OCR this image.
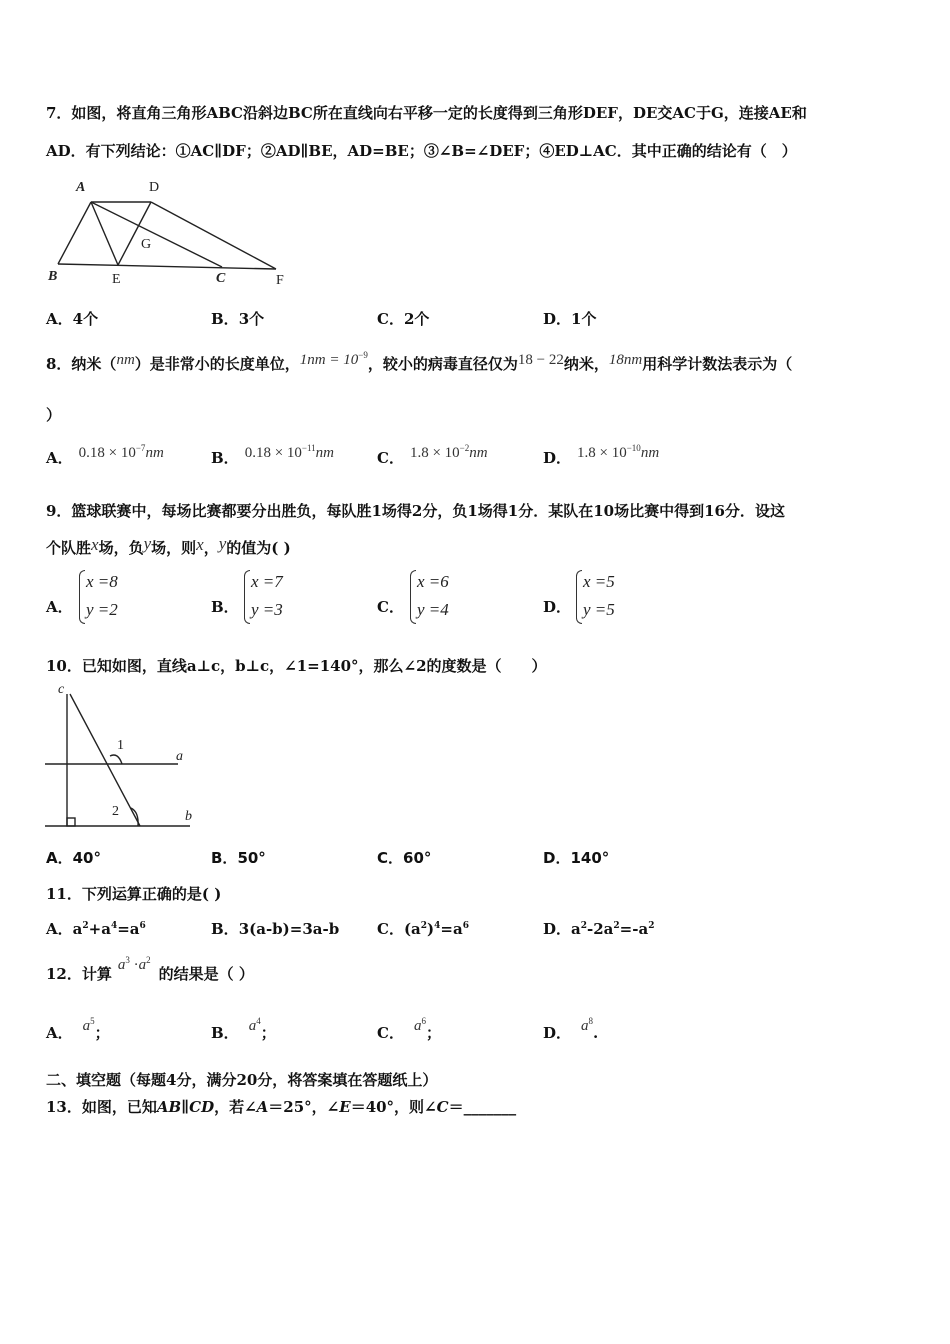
7．如图，将直角三角形ABC沿斜边BC所在直线向右平移一定的长度得到三角形DEF，DE交AC于G，连接AE和
AD．有下列结论：①AC∥DF；②AD∥BE，AD=BE；③∠B=∠DEF；④ED⊥AC．其中正确的结论有（　）
A	D
G
B	E	C	F
A．4个	B．3个	C．2个	D．1个
8．纳米（nm）是非常小的长度单位，$1nm = 10^{-9}$，较小的病毒直径仅为18 − 22纳米，18nm用科学计数法表示为（
）
A． $0.18 \times 10^{-7}nm$	B． $0.18 \times 10^{-11}nm$	C． $1.8 \times 10^{-2}nm$	D． $1.8 \times 10^{-10}nm$
9．篮球联赛中，每场比赛都要分出胜负，每队胜1场得2分，负1场得1分．某队在10场比赛中得到16分．设这
个队胜x场，负y场，则x，y的值为( )
A．
x =8
y =2	B．
x =7
y =3	C．
x =6
y =4	D．
x =5
y =5
10．已知如图，直线a⊥c，b⊥c，∠1=140°，那么∠2的度数是（　　）
c
1
a
2	b
A．40°	B．50°	C．60°	D．140°
11．下列运算正确的是( )
A．$a^2+a^4=a^6$	B．3(a-b)=3a-b	C．$(a^2)^4=a^6$	D．$a^2-2a^2=-a^2$
12．计算 $a^3 \cdot a^2$的结果是（ ）
A． $a^5$；	B． $a^4$；	C． $a^6$；	D． $a^8$.
二、填空题（每题4分，满分20分，将答案填在答题纸上）
13．如图，已知AB∥CD，若∠A＝25°，∠E＝40°，则∠C＝_______
